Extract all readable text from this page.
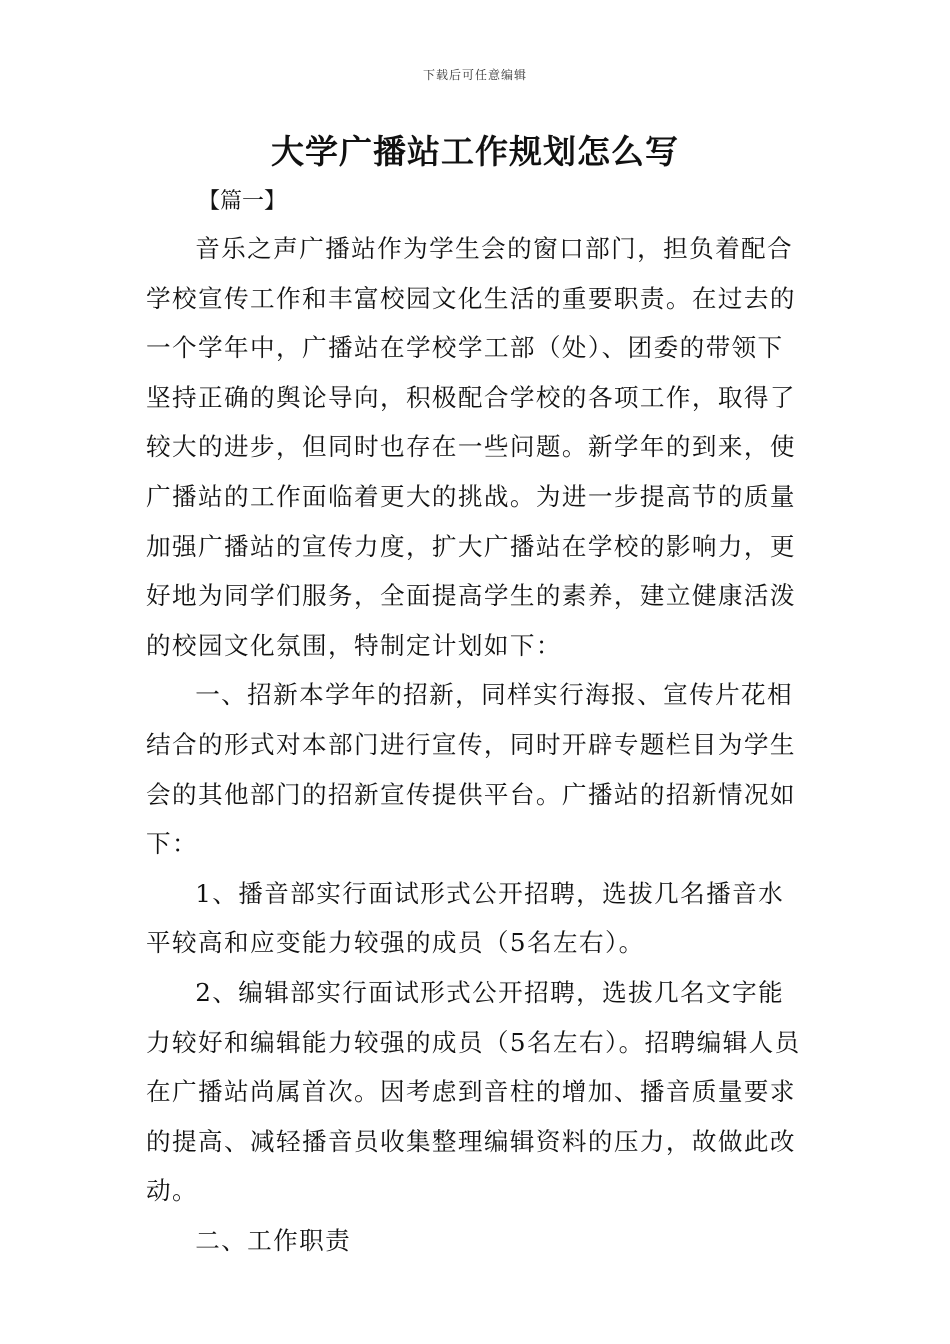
下载后可任意编辑
大学广播站工作规划怎么写

【篇一】

音乐之声广播站作为学生会的窗口部门，担负着配合学校宣传工作和丰富校园文化生活的重要职责。在过去的一个学年中，广播站在学校学工部（处）、团委的带领下坚持正确的舆论导向，积极配合学校的各项工作，取得了较大的进步，但同时也存在一些问题。新学年的到来，使广播站的工作面临着更大的挑战。为进一步提高节的质量加强广播站的宣传力度，扩大广播站在学校的影响力，更好地为同学们服务，全面提高学生的素养，建立健康活泼的校园文化氛围，特制定计划如下：

一、招新本学年的招新，同样实行海报、宣传片花相结合的形式对本部门进行宣传，同时开辟专题栏目为学生会的其他部门的招新宣传提供平台。广播站的招新情况如下：

1、播音部实行面试形式公开招聘，选拔几名播音水平较高和应变能力较强的成员（5名左右）。

2、编辑部实行面试形式公开招聘，选拔几名文字能力较好和编辑能力较强的成员（5名左右）。招聘编辑人员在广播站尚属首次。因考虑到音柱的增加、播音质量要求的提高、减轻播音员收集整理编辑资料的压力，故做此改动。

二、工作职责
